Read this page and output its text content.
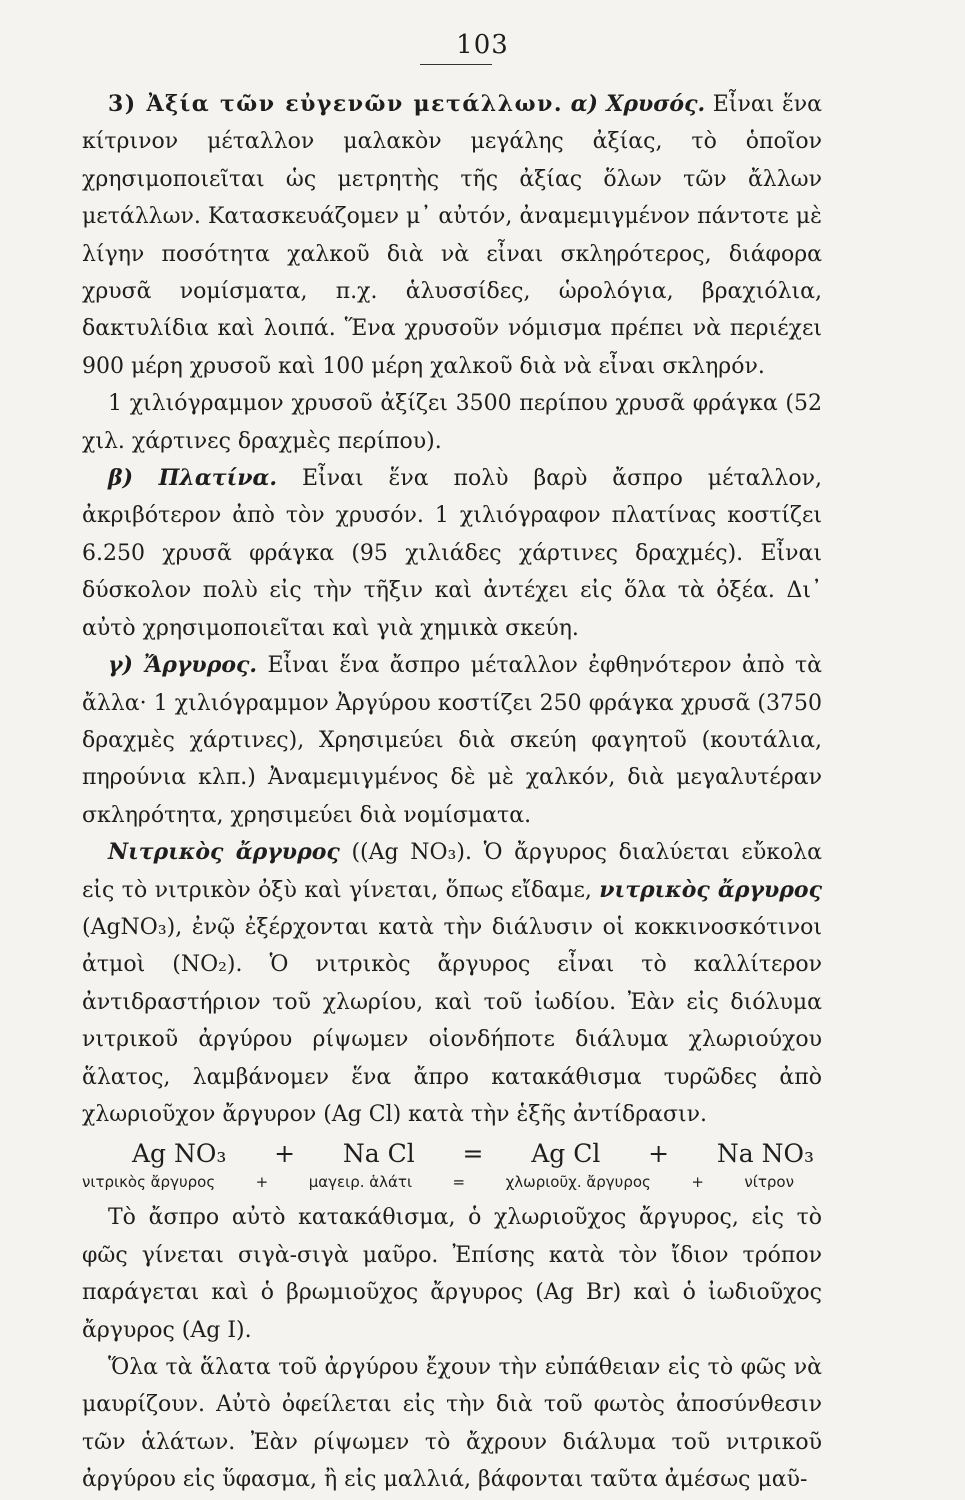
103

3) Ἀξία τῶν εὐγενῶν μετάλλων. α) Χρυσός. Εἶναι ἕνα κίτρινον μέταλλον μαλακὸν μεγάλης ἀξίας, τὸ ὁποῖον χρησιμοποιεῖται ὡς μετρητὴς τῆς ἀξίας ὅλων τῶν ἄλλων μετάλλων. Κατασκευάζομεν μ᾽ αὐτόν, ἀναμεμιγμένον πάντοτε μὲ λίγην ποσότητα χαλκοῦ διὰ νὰ εἶναι σκληρότερος, διάφορα χρυσᾶ νομίσματα, π.χ. ἁλυσσίδες, ὡρολόγια, βραχιόλια, δακτυλίδια καὶ λοιπά. Ἕνα χρυσοῦν νόμισμα πρέπει νὰ περιέχει 900 μέρη χρυσοῦ καὶ 100 μέρη χαλκοῦ διὰ νὰ εἶναι σκληρόν.

1 χιλιόγραμμον χρυσοῦ ἀξίζει 3500 περίπου χρυσᾶ φράγκα (52 χιλ. χάρτινες δραχμὲς περίπου).

β) Πλατίνα. Εἶναι ἕνα πολὺ βαρὺ ἄσπρο μέταλλον, ἀκριβότερον ἀπὸ τὸν χρυσόν. 1 χιλιόγραφον πλατίνας κοστίζει 6.250 χρυσᾶ φράγκα (95 χιλιάδες χάρτινες δραχμές). Εἶναι δύσκολον πολὺ εἰς τὴν τῆξιν καὶ ἀντέχει εἰς ὅλα τὰ ὀξέα. Δι᾽ αὐτὸ χρησιμοποιεῖται καὶ γιὰ χημικὰ σκεύη.

γ) Ἄργυρος. Εἶναι ἕνα ἄσπρο μέταλλον ἐφθηνότερον ἀπὸ τὰ ἄλλα· 1 χιλιόγραμμον Ἀργύρου κοστίζει 250 φράγκα χρυσᾶ (3750 δραχμὲς χάρτινες), Χρησιμεύει διὰ σκεύη φαγητοῦ (κουτάλια, πηρούνια κλπ.) Ἀναμεμιγμένος δὲ μὲ χαλκόν, διὰ μεγαλυτέραν σκληρότητα, χρησιμεύει διὰ νομίσματα.

Νιτρικὸς ἄργυρος ((Ag NO₃). Ὁ ἄργυρος διαλύεται εὔκολα εἰς τὸ νιτρικὸν ὀξὺ καὶ γίνεται, ὅπως εἴδαμε, νιτρικὸς ἄργυρος (AgNO₃), ἐνῷ ἐξέρχονται κατὰ τὴν διάλυσιν οἱ κοκκινοσκότινοι ἀτμοὶ (NO₂). Ὁ νιτρικὸς ἄργυρος εἶναι τὸ καλλίτερον ἀντιδραστήριον τοῦ χλωρίου, καὶ τοῦ ἰωδίου. Ἐὰν εἰς διόλυμα νιτρικοῦ ἀργύρου ρίψωμεν οἱονδήποτε διάλυμα χλωριούχου ἅλατος, λαμβάνομεν ἕνα ἄπρο κατακάθισμα τυρῶδες ἀπὸ χλωριοῦχον ἄργυρον (Ag Cl) κατὰ τὴν ἑξῆς ἀντίδρασιν.

Ag NO₃ + Na Cl = Ag Cl + Na NO₃
νιτρικὸς ἄργυρος	+	μαγειρ. ἁλάτι	=	χλωριοῦχ. ἄργυρος	+	νίτρον

Τὸ ἄσπρο αὐτὸ κατακάθισμα, ὁ χλωριοῦχος ἄργυρος, εἰς τὸ φῶς γίνεται σιγὰ-σιγὰ μαῦρο. Ἐπίσης κατὰ τὸν ἴδιον τρόπον παράγεται καὶ ὁ βρωμιοῦχος ἄργυρος (Ag Br) καὶ ὁ ἰωδιοῦχος ἄργυρος (Ag I).

Ὅλα τὰ ἅλατα τοῦ ἀργύρου ἔχουν τὴν εὐπάθειαν εἰς τὸ φῶς νὰ μαυρίζουν. Αὐτὸ ὀφείλεται εἰς τὴν διὰ τοῦ φωτὸς ἀποσύνθεσιν τῶν ἁλάτων. Ἐὰν ρίψωμεν τὸ ἄχρουν διάλυμα τοῦ νιτρικοῦ ἀργύρου εἰς ὕφασμα, ἢ εἰς μαλλιά, βάφονται ταῦτα ἀμέσως μαῦ-
